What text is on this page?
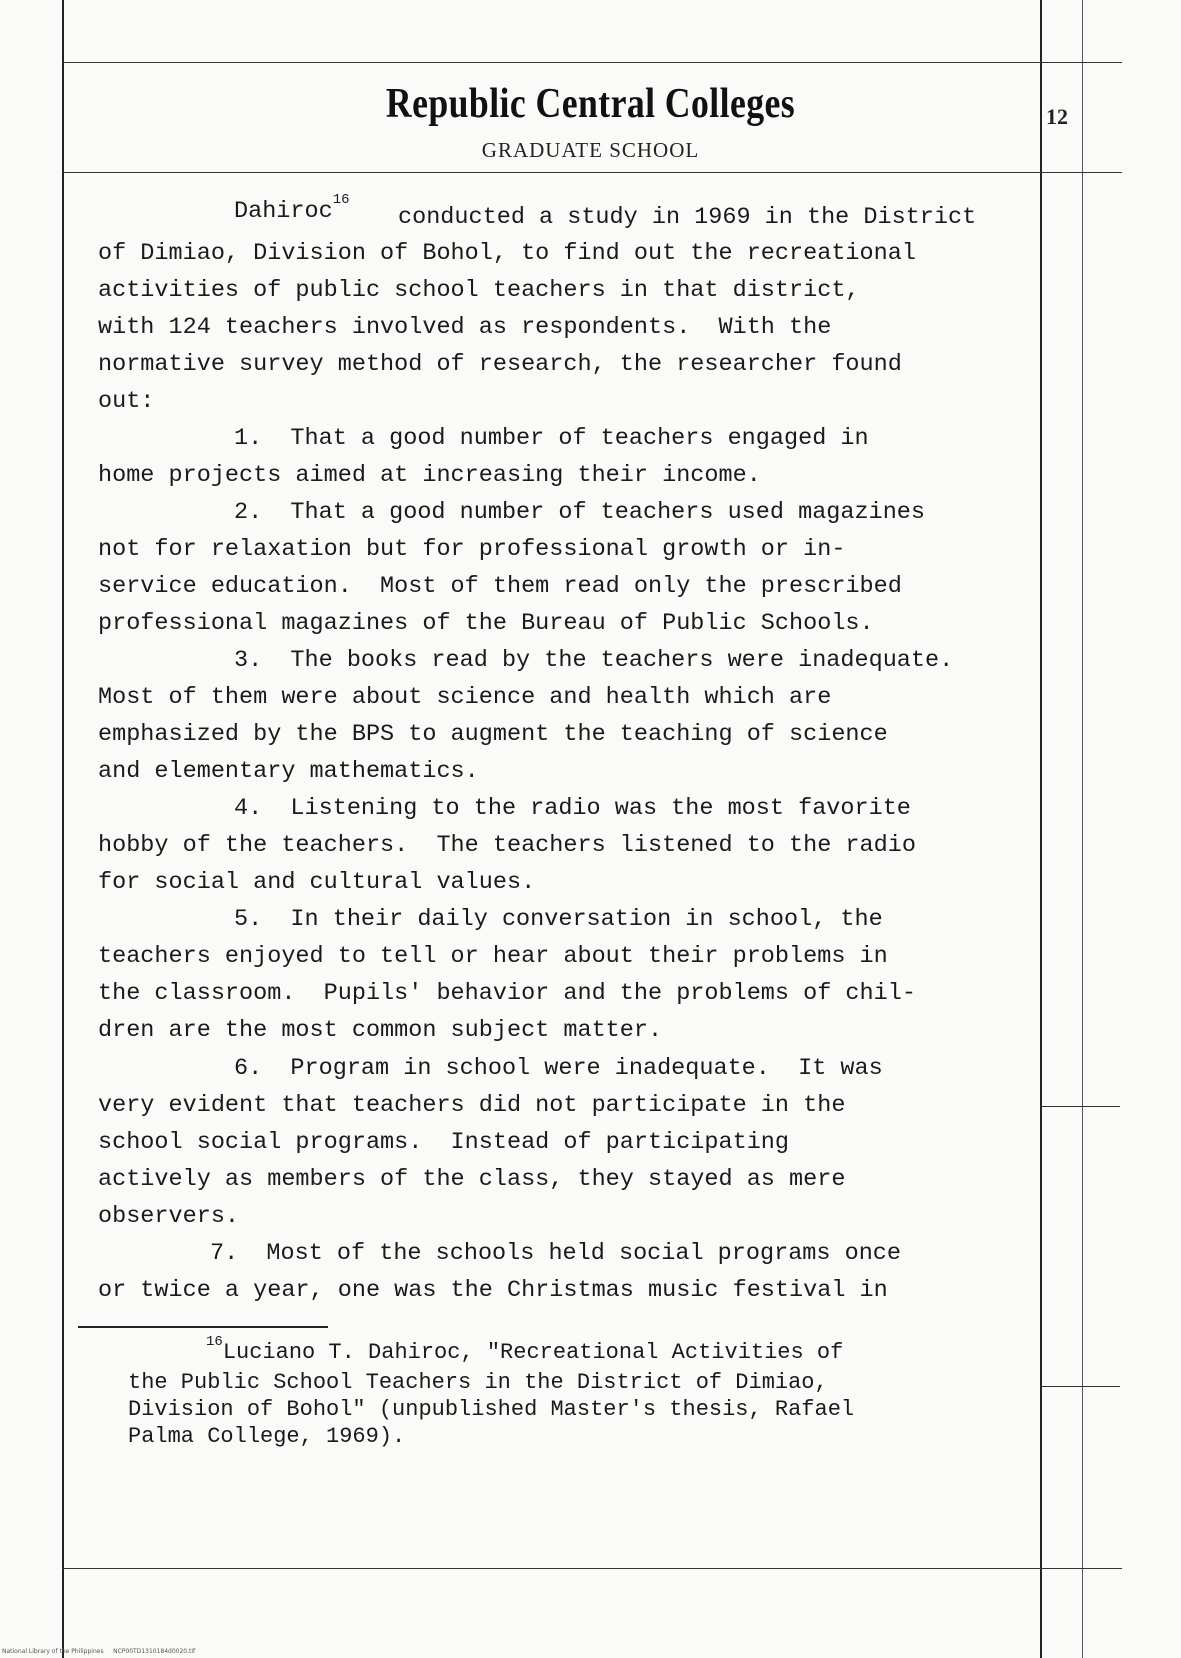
Republic Central Colleges
GRADUATE SCHOOL
12
Dahiroc$^{16}$
conducted a study in 1969 in the District
of Dimiao, Division of Bohol, to find out the recreational
activities of public school teachers in that district,
with 124 teachers involved as respondents.  With the
normative survey method of research, the researcher found
out:
1.  That a good number of teachers engaged in
home projects aimed at increasing their income.
2.  That a good number of teachers used magazines
not for relaxation but for professional growth or in-
service education.  Most of them read only the prescribed
professional magazines of the Bureau of Public Schools.
3.  The books read by the teachers were inadequate.
Most of them were about science and health which are
emphasized by the BPS to augment the teaching of science
and elementary mathematics.
4.  Listening to the radio was the most favorite
hobby of the teachers.  The teachers listened to the radio
for social and cultural values.
5.  In their daily conversation in school, the
teachers enjoyed to tell or hear about their problems in
the classroom.  Pupils' behavior and the problems of chil-
dren are the most common subject matter.
6.  Program in school were inadequate.  It was
very evident that teachers did not participate in the
school social programs.  Instead of participating
actively as members of the class, they stayed as mere
observers.
7.  Most of the schools held social programs once
or twice a year, one was the Christmas music festival in
$^{16}$Luciano T. Dahiroc, "Recreational Activities of
the Public School Teachers in the District of Dimiao,
Division of Bohol" (unpublished Master's thesis, Rafael
Palma College, 1969).
National Library of the Philippines     NCP00TD1310184d0020.tif
